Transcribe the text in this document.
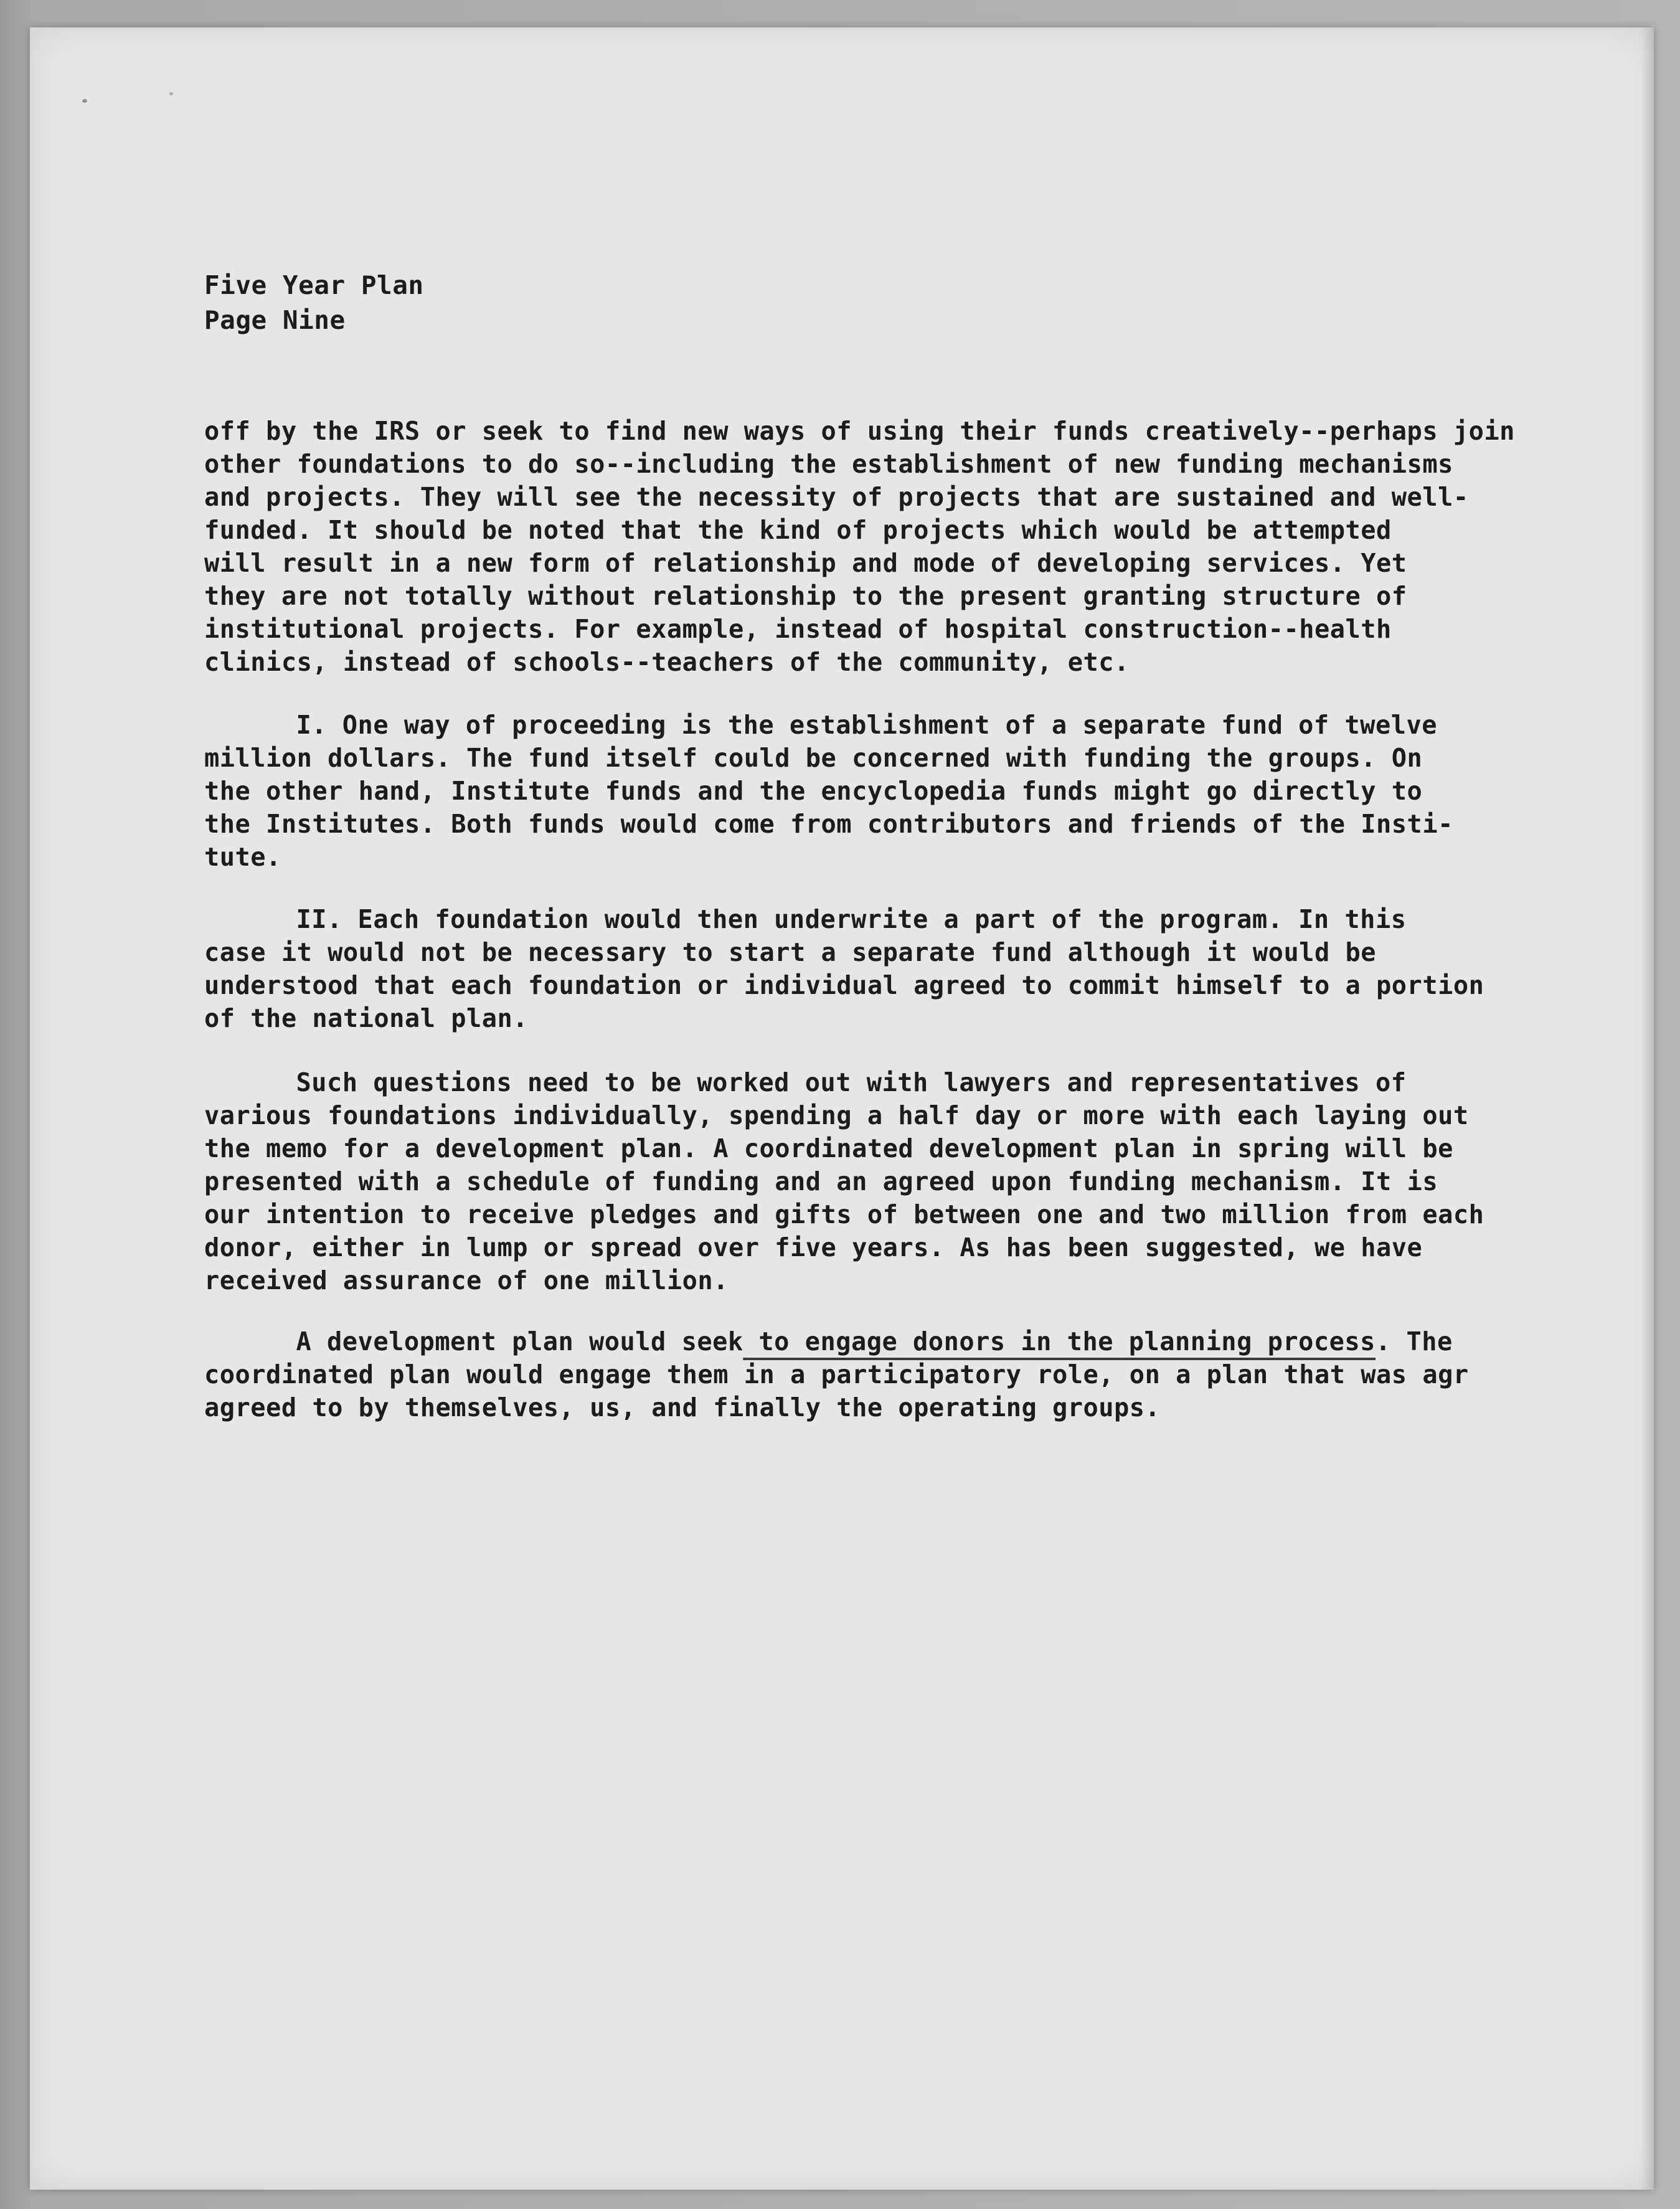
Five Year Plan
Page Nine
off by the IRS or seek to find new ways of using their funds creatively--perhaps join
other foundations to do so--including the establishment of new funding mechanisms
and projects. They will see the necessity of projects that are sustained and well-
funded. It should be noted that the kind of projects which would be attempted
will result in a new form of relationship and mode of developing services. Yet
they are not totally without relationship to the present granting structure of
institutional projects. For example, instead of hospital construction--health
clinics, instead of schools--teachers of the community, etc.
I. One way of proceeding is the establishment of a separate fund of twelve
million dollars. The fund itself could be concerned with funding the groups. On
the other hand, Institute funds and the encyclopedia funds might go directly to
the Institutes. Both funds would come from contributors and friends of the Insti-
tute.
II. Each foundation would then underwrite a part of the program. In this
case it would not be necessary to start a separate fund although it would be
understood that each foundation or individual agreed to commit himself to a portion
of the national plan.
Such questions need to be worked out with lawyers and representatives of
various foundations individually, spending a half day or more with each laying out
the memo for a development plan. A coordinated development plan in spring will be
presented with a schedule of funding and an agreed upon funding mechanism. It is
our intention to receive pledges and gifts of between one and two million from each
donor, either in lump or spread over five years. As has been suggested, we have
received assurance of one million.
A development plan would seek to engage donors in the planning process. The
coordinated plan would engage them in a participatory role, on a plan that was agr
agreed to by themselves, us, and finally the operating groups.
